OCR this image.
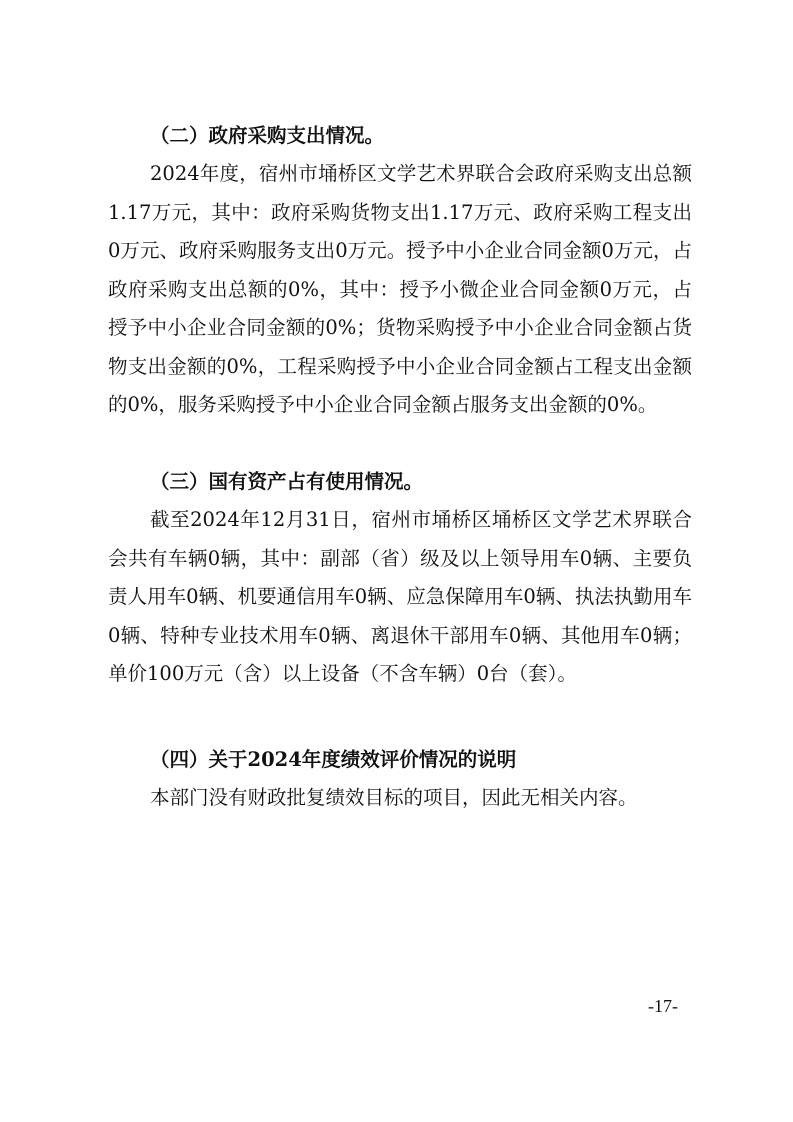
（二）政府采购支出情况。

2024年度，宿州市埇桥区文学艺术界联合会政府采购支出总额1.17万元，其中：政府采购货物支出1.17万元、政府采购工程支出0万元、政府采购服务支出0万元。授予中小企业合同金额0万元，占政府采购支出总额的0%，其中：授予小微企业合同金额0万元，占授予中小企业合同金额的0%；货物采购授予中小企业合同金额占货物支出金额的0%，工程采购授予中小企业合同金额占工程支出金额的0%，服务采购授予中小企业合同金额占服务支出金额的0%。

（三）国有资产占有使用情况。

截至2024年12月31日，宿州市埇桥区埇桥区文学艺术界联合会共有车辆0辆，其中：副部（省）级及以上领导用车0辆、主要负责人用车0辆、机要通信用车0辆、应急保障用车0辆、执法执勤用车0辆、特种专业技术用车0辆、离退休干部用车0辆、其他用车0辆；单价100万元（含）以上设备（不含车辆）0台（套）。

（四）关于2024年度绩效评价情况的说明

本部门没有财政批复绩效目标的项目，因此无相关内容。

-17-
